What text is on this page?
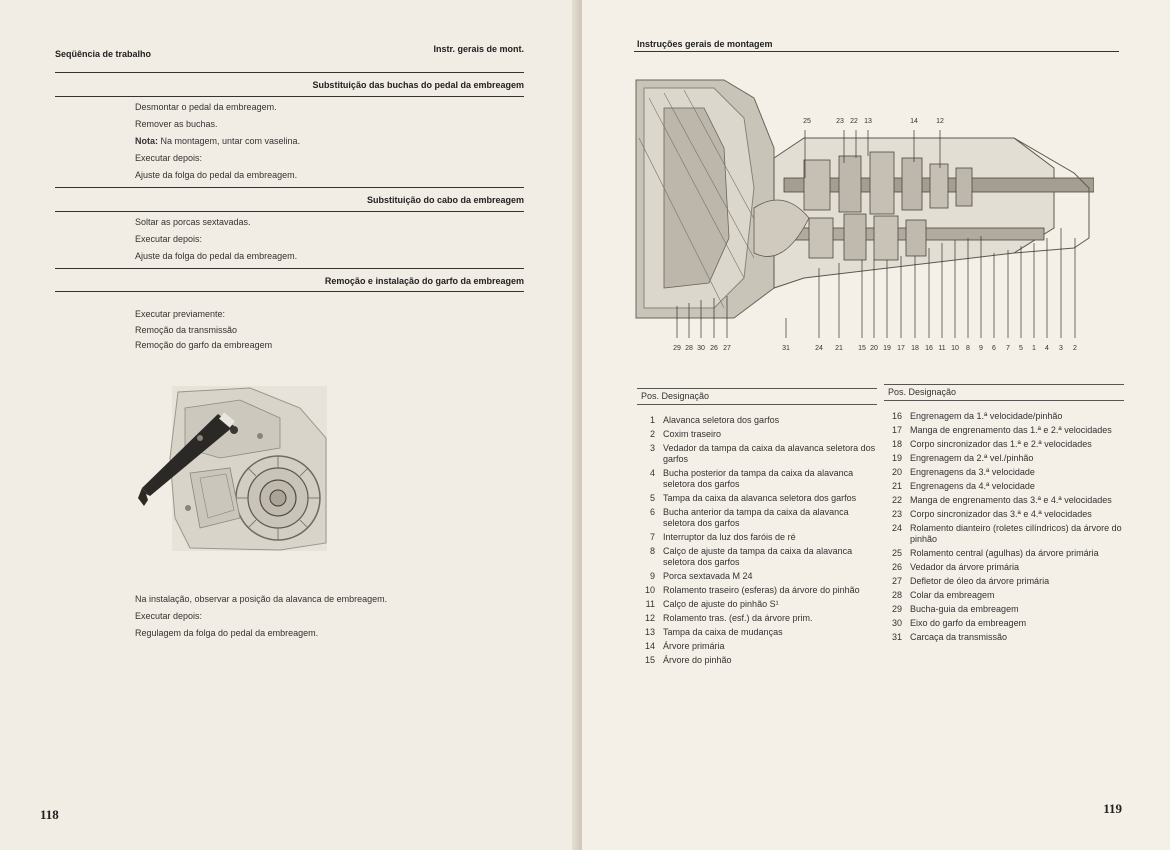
Seqüência de trabalho	Instr. gerais de mont.
Substituição das buchas do pedal da embreagem
Desmontar o pedal da embreagem.
Remover as buchas.
Nota: Na montagem, untar com vaselina.
Executar depois:
Ajuste da folga do pedal da embreagem.
Substituição do cabo da embreagem
Soltar as porcas sextavadas.
Executar depois:
Ajuste da folga do pedal da embreagem.
Remoção e instalação do garfo da embreagem
Executar previamente:
Remoção da transmissão
Remoção do garfo da embreagem
Na instalação, observar a posição da alavanca de embreagem.
Executar depois:
Regulagem da folga do pedal da embreagem.
118
Instruções gerais de montagem
25	23 22 13	14	12
29 28 30 26 27	31	24 21 15 20 19 17 18 16 11 10 8 9 6 7 5 1 4 3 2
Pos. Designação
1 Alavanca seletora dos garfos
2 Coxim traseiro
3 Vedador da tampa da caixa da alavanca seletora dos garfos
4 Bucha posterior da tampa da caixa da alavanca seletora dos garfos
5 Tampa da caixa da alavanca seletora dos garfos
6 Bucha anterior da tampa da caixa da alavanca seletora dos garfos
7 Interruptor da luz dos faróis de ré
8 Calço de ajuste da tampa da caixa da alavanca seletora dos garfos
9 Porca sextavada M 24
10 Rolamento traseiro (esferas) da árvore do pinhão
11 Calço de ajuste do pinhão S¹
12 Rolamento tras. (esf.) da árvore prim.
13 Tampa da caixa de mudanças
14 Árvore primária
15 Árvore do pinhão
Pos. Designação
16 Engrenagem da 1.ª velocidade/pinhão
17 Manga de engrenamento das 1.ª e 2.ª velocidades
18 Corpo sincronizador das 1.ª e 2.ª velocidades
19 Engrenagem da 2.ª vel./pinhão
20 Engrenagens da 3.ª velocidade
21 Engrenagens da 4.ª velocidade
22 Manga de engrenamento das 3.ª e 4.ª velocidades
23 Corpo sincronizador das 3.ª e 4.ª velocidades
24 Rolamento dianteiro (roletes cilíndricos) da árvore do pinhão
25 Rolamento central (agulhas) da árvore primária
26 Vedador da árvore primária
27 Defletor de óleo da árvore primária
28 Colar da embreagem
29 Bucha-guia da embreagem
30 Eixo do garfo da embreagem
31 Carcaça da transmissão
119
